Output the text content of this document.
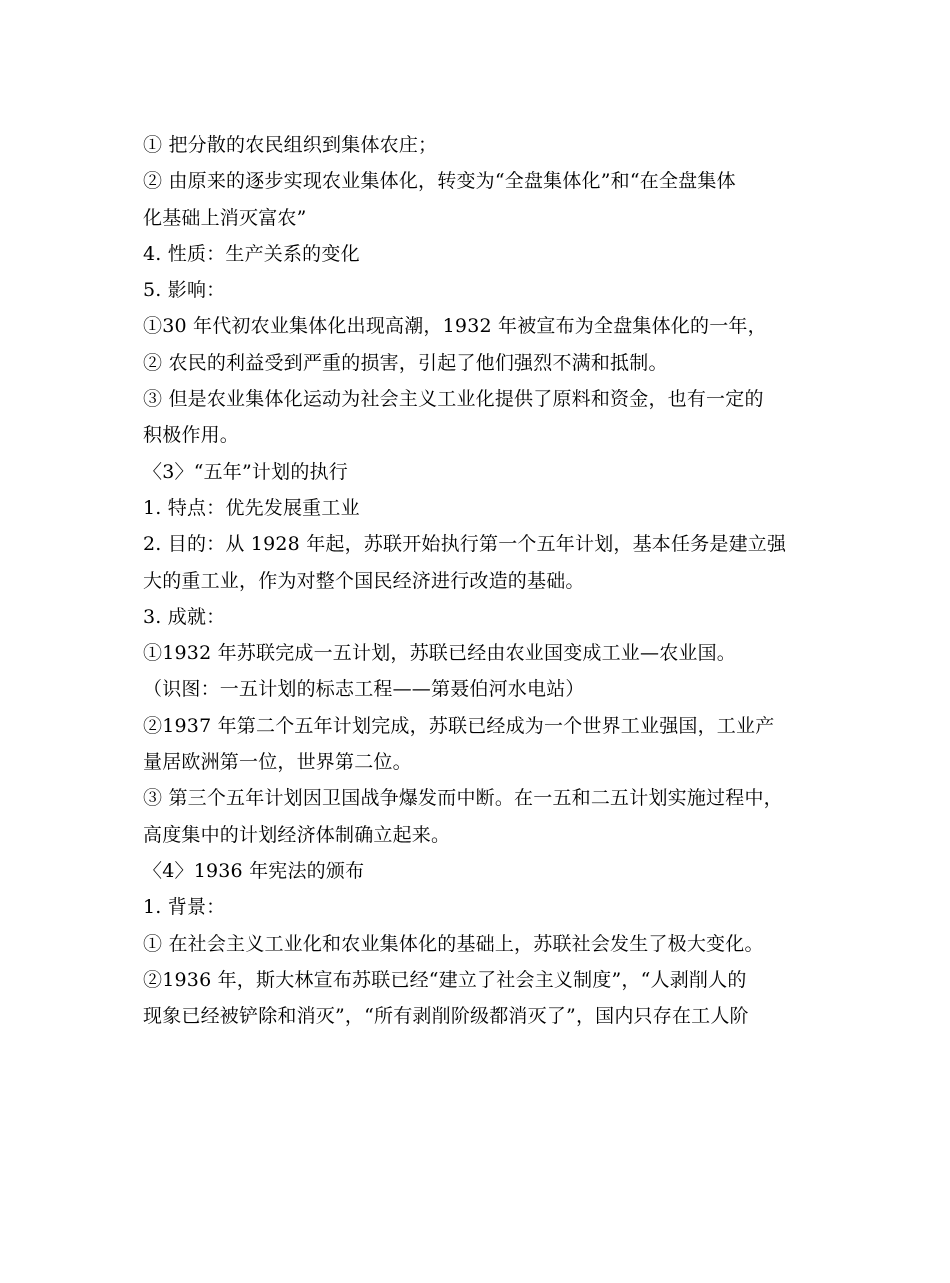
① 把分散的农民组织到集体农庄；
② 由原来的逐步实现农业集体化，转变为“全盘集体化”和“在全盘集体
化基础上消灭富农”
4. 性质：生产关系的变化
5. 影响：
①30 年代初农业集体化出现高潮，1932 年被宣布为全盘集体化的一年，
② 农民的利益受到严重的损害，引起了他们强烈不满和抵制。
③ 但是农业集体化运动为社会主义工业化提供了原料和资金，也有一定的
积极作用。
〈3〉“五年”计划的执行
1. 特点：优先发展重工业
2. 目的：从 1928 年起，苏联开始执行第一个五年计划，基本任务是建立强
大的重工业，作为对整个国民经济进行改造的基础。
3. 成就：
①1932 年苏联完成一五计划，苏联已经由农业国变成工业—农业国。
（识图：一五计划的标志工程——第聂伯河水电站）
②1937 年第二个五年计划完成，苏联已经成为一个世界工业强国，工业产
量居欧洲第一位，世界第二位。
③ 第三个五年计划因卫国战争爆发而中断。在一五和二五计划实施过程中，
高度集中的计划经济体制确立起来。
〈4〉1936 年宪法的颁布
1. 背景：
① 在社会主义工业化和农业集体化的基础上，苏联社会发生了极大变化。
②1936 年，斯大林宣布苏联已经“建立了社会主义制度”，“人剥削人的
现象已经被铲除和消灭”，“所有剥削阶级都消灭了”，国内只存在工人阶
